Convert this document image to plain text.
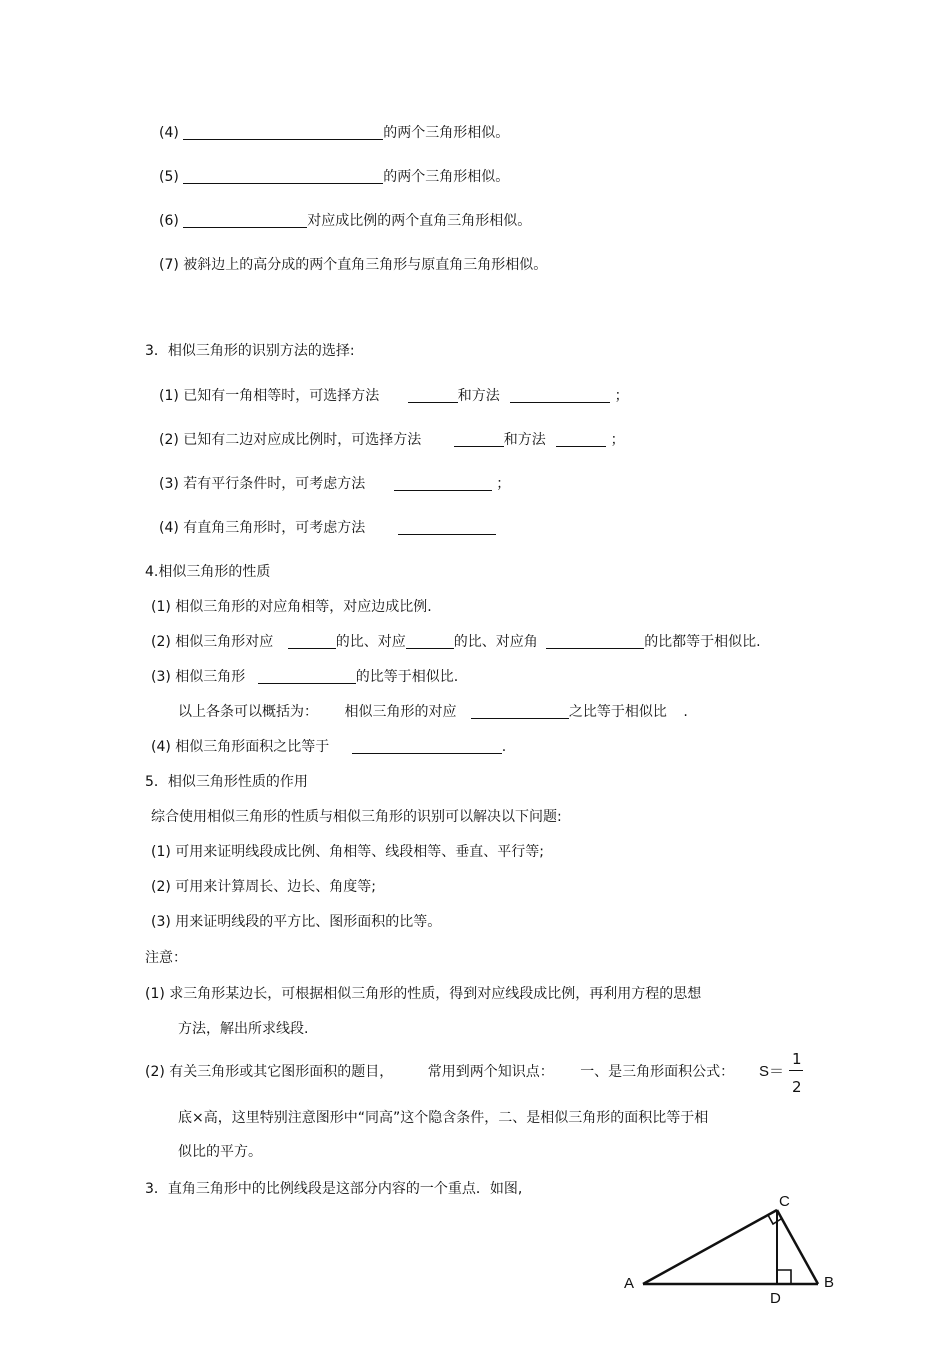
(4)	的两个三角形相似。
(5)	的两个三角形相似。
(6)	对应成比例的两个直角三角形相似。
(7) 被斜边上的高分成的两个直角三角形与原直角三角形相似。
3．相似三角形的识别方法的选择:
(1) 已知有一角相等时，可选择方法	和方法	；
(2) 已知有二边对应成比例时，可选择方法	和方法	；
(3) 若有平行条件时，可考虑方法	；
(4) 有直角三角形时，可考虑方法
4.相似三角形的性质
(1) 相似三角形的对应角相等，对应边成比例.
(2) 相似三角形对应	的比、对应	的比、对应角	的比都等于相似比.
(3) 相似三角形	的比等于相似比.
以上各条可以概括为： 相似三角形的对应	之比等于相似比 .
(4) 相似三角形面积之比等于	.
5．相似三角形性质的作用
综合使用相似三角形的性质与相似三角形的识别可以解决以下问题:
(1) 可用来证明线段成比例、角相等、线段相等、垂直、平行等;
(2) 可用来计算周长、边长、角度等;
(3) 用来证明线段的平方比、图形面积的比等。
注意：
(1) 求三角形某边长，可根据相似三角形的性质，得到对应线段成比例，再利用方程的思想
方法，解出所求线段.
(2) 有关三角形或其它图形面积的题目， 常用到两个知识点： 一、是三角形面积公式： S＝
1
2
底×高，这里特别注意图形中“同高”这个隐含条件，二、是相似三角形的面积比等于相
似比的平方。
3．直角三角形中的比例线段是这部分内容的一个重点．如图,
C
A	B
D
